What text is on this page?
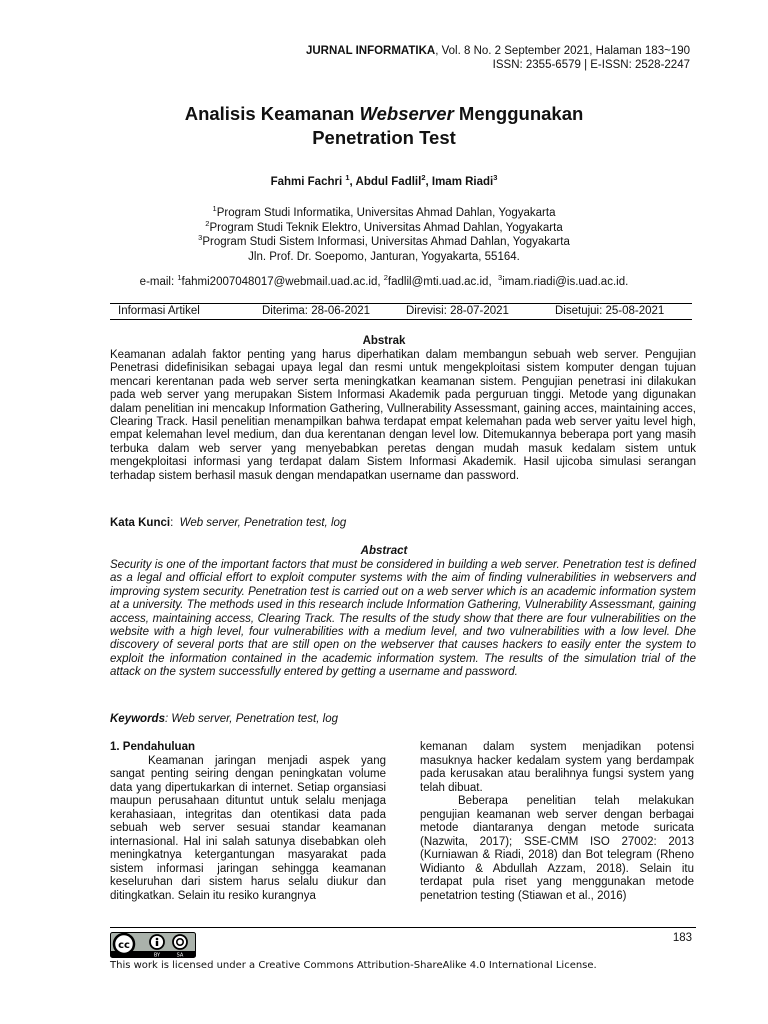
JURNAL INFORMATIKA, Vol. 8 No. 2 September 2021, Halaman 183~190
ISSN: 2355-6579 | E-ISSN: 2528-2247
Analisis Keamanan Webserver Menggunakan
Penetration Test
Fahmi Fachri $^1$, Abdul Fadlil$^2$, Imam Riadi$^3$
$^1$Program Studi Informatika, Universitas Ahmad Dahlan, Yogyakarta
$^2$Program Studi Teknik Elektro, Universitas Ahmad Dahlan, Yogyakarta
$^3$Program Studi Sistem Informasi, Universitas Ahmad Dahlan, Yogyakarta
Jln. Prof. Dr. Soepomo, Janturan, Yogyakarta, 55164.
e-mail: $^1$fahmi2007048017@webmail.uad.ac.id, $^2$fadlil@mti.uad.ac.id, $^3$imam.riadi@is.uad.ac.id.
Informasi Artikel	Diterima: 28-06-2021	Direvisi: 28-07-2021	Disetujui: 25-08-2021
Abstrak
Keamanan adalah faktor penting yang harus diperhatikan dalam membangun sebuah web server. Pengujian Penetrasi didefinisikan sebagai upaya legal dan resmi untuk mengekploitasi sistem komputer dengan tujuan mencari kerentanan pada web server serta meningkatkan keamanan sistem. Pengujian penetrasi ini dilakukan pada web server yang merupakan Sistem Informasi Akademik pada perguruan tinggi. Metode yang digunakan dalam penelitian ini mencakup Information Gathering, Vullnerability Assessmant, gaining acces, maintaining acces, Clearing Track. Hasil penelitian menampilkan bahwa terdapat empat kelemahan pada web server yaitu level high, empat kelemahan level medium, dan dua kerentanan dengan level low. Ditemukannya beberapa port yang masih terbuka dalam web server yang menyebabkan peretas dengan mudah masuk kedalam sistem untuk mengekploitasi informasi yang terdapat dalam Sistem Informasi Akademik. Hasil ujicoba simulasi serangan terhadap sistem berhasil masuk dengan mendapatkan username dan password.
Kata Kunci:  Web server, Penetration test, log
Abstract
Security is one of the important factors that must be considered in building a web server. Penetration test is defined as a legal and official effort to exploit computer systems with the aim of finding vulnerabilities in webservers and improving system security. Penetration test is carried out on a web server which is an academic information system at a university. The methods used in this research include Information Gathering, Vulnerability Assessmant, gaining access, maintaining access, Clearing Track. The results of the study show that there are four vulnerabilities on the website with a high level, four vulnerabilities with a medium level, and two vulnerabilities with a low level. Dhe discovery of several ports that are still open on the webserver that causes hackers to easily enter the system to exploit the information contained in the academic information system. The results of the simulation trial of the attack on the system successfully entered by getting a username and password.
Keywords: Web server, Penetration test, log

1. Pendahuluan

Keamanan jaringan menjadi aspek yang sangat penting seiring dengan peningkatan volume data yang dipertukarkan di internet. Setiap organsiasi maupun perusahaan dituntut untuk selalu menjaga kerahasiaan, integritas dan otentikasi data pada sebuah web server sesuai standar keamanan internasional. Hal ini salah satunya disebabkan oleh meningkatnya ketergantungan masyarakat pada sistem informasi jaringan sehingga keamanan keseluruhan dari sistem harus selalu diukur dan ditingkatkan. Selain itu resiko kurangnya

kemanan dalam system menjadikan potensi masuknya hacker kedalam system yang berdampak pada kerusakan atau beralihnya fungsi system yang telah dibuat.

Beberapa penelitian telah melakukan pengujian keamanan web server dengan berbagai metode diantaranya dengan metode suricata (Nazwita, 2017); SSE-CMM ISO 27002: 2013 (Kurniawan & Riadi, 2018) dan Bot telegram (Rheno Widianto & Abdullah Azzam, 2018). Selain itu terdapat pula riset yang menggunakan metode penetatrion testing (Stiawan et al., 2016)

183
cc
BY	SA
This work is licensed under a Creative Commons Attribution-ShareAlike 4.0 International License.
